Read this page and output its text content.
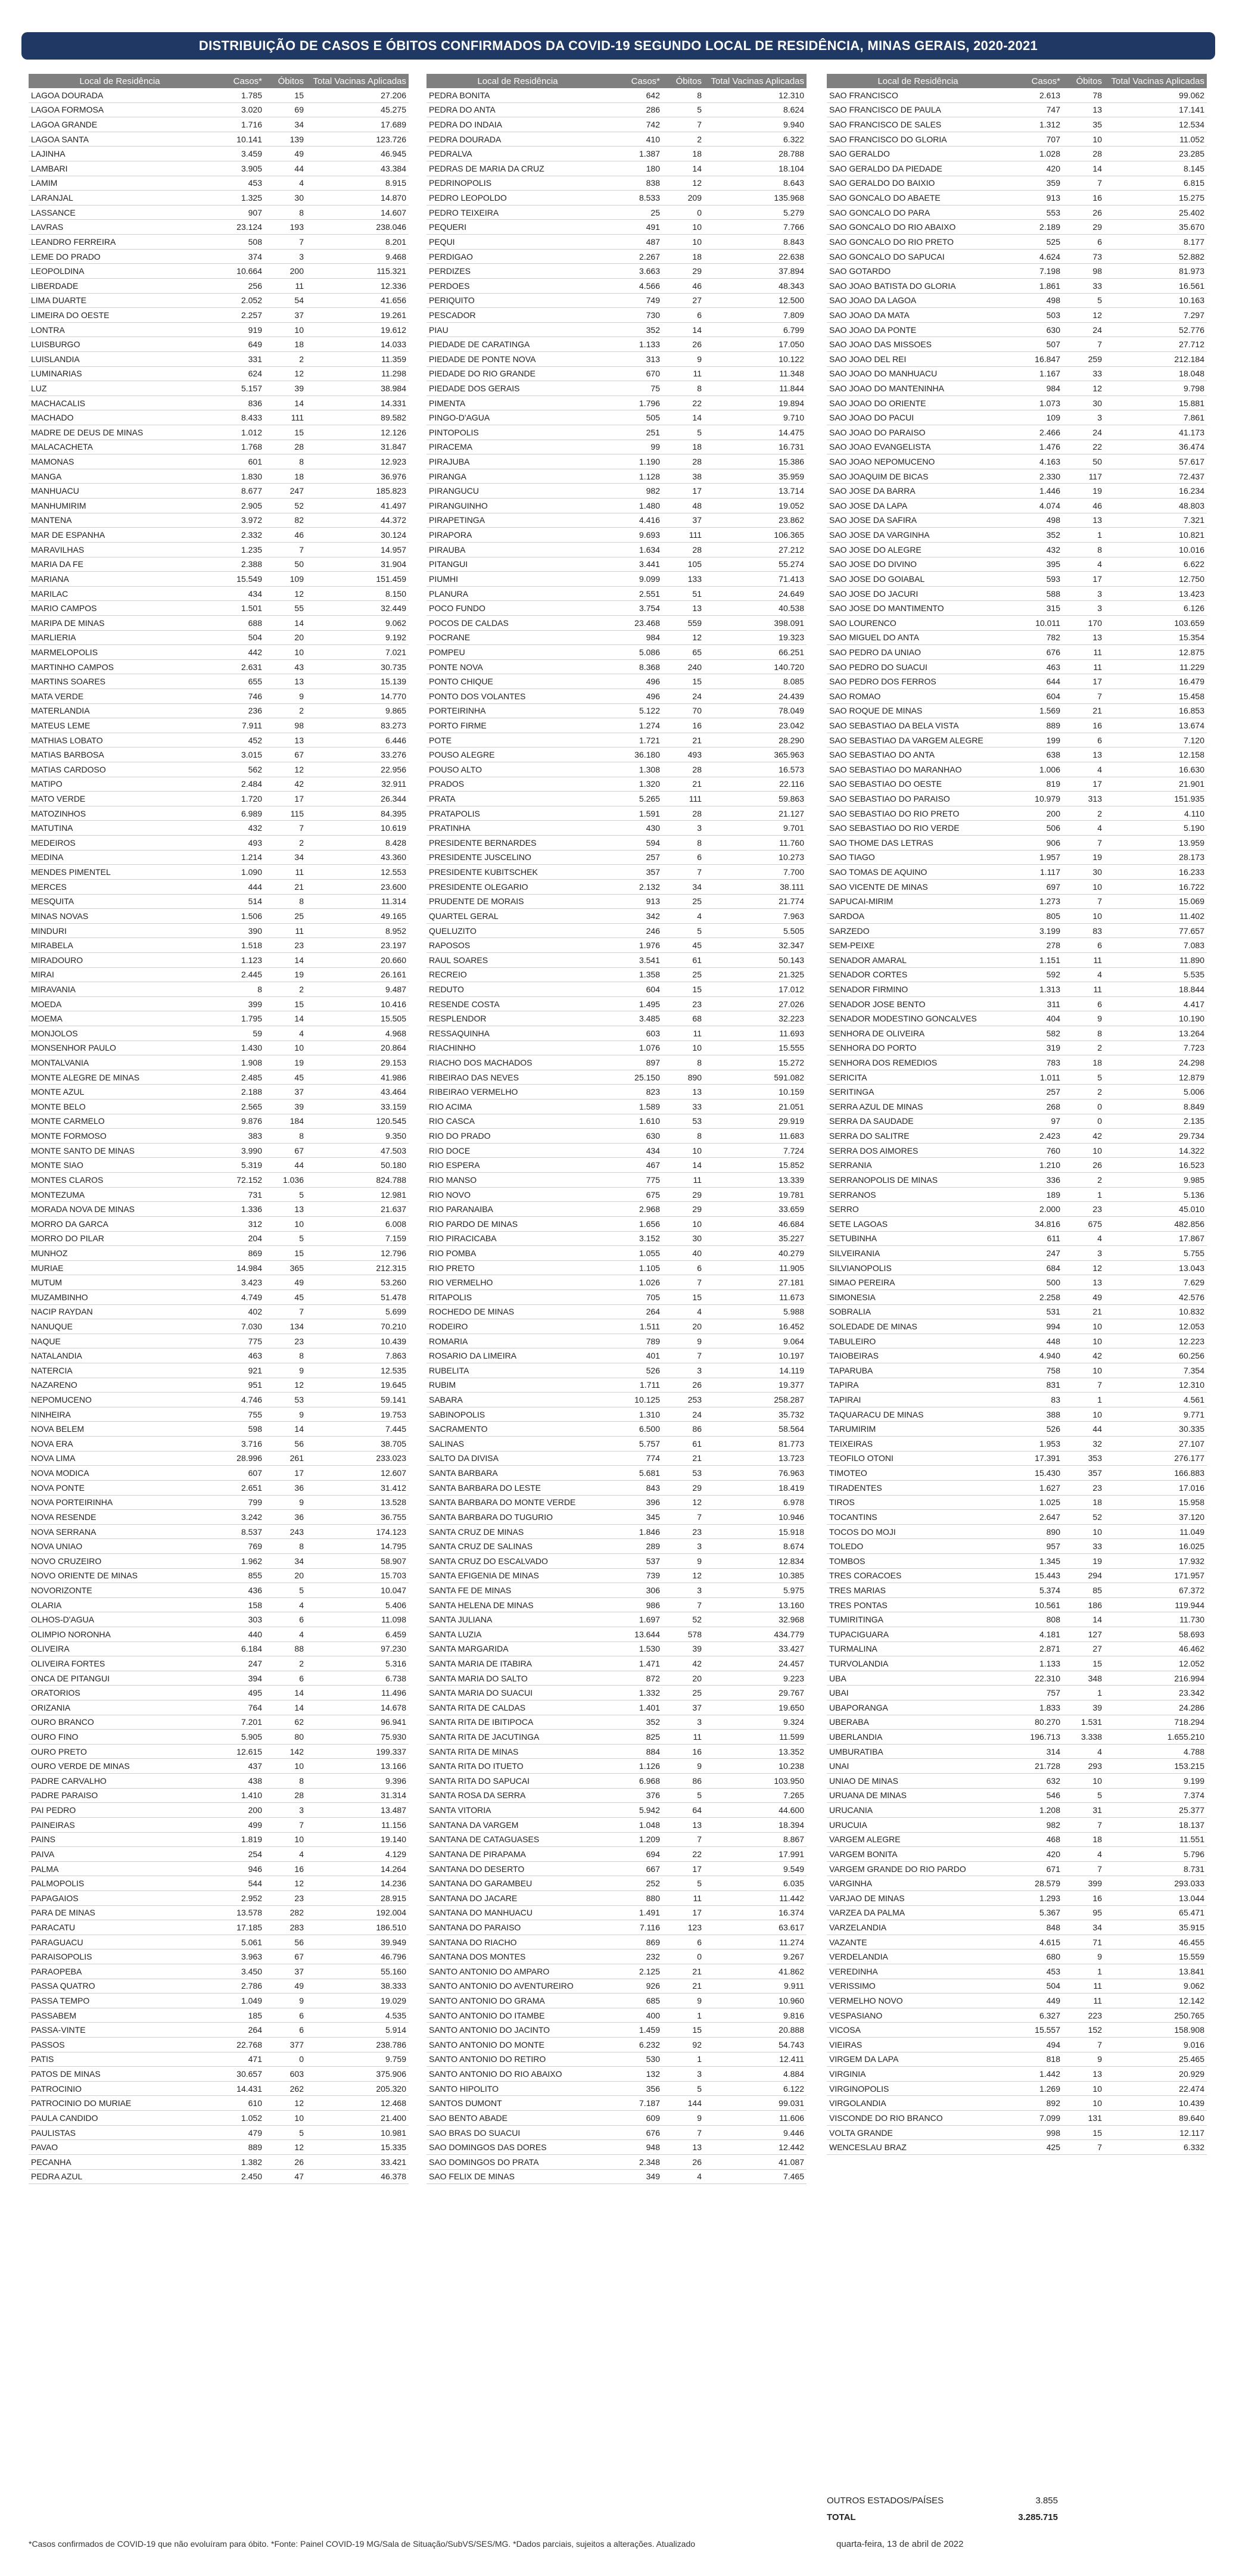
DISTRIBUIÇÃO DE CASOS E ÓBITOS CONFIRMADOS DA COVID-19 SEGUNDO LOCAL DE RESIDÊNCIA, MINAS GERAIS, 2020-2021
Local de Residência	Casos*	Óbitos	Total Vacinas Aplicadas
LAGOA DOURADA	1.785	15	27.206
LAGOA FORMOSA	3.020	69	45.275
LAGOA GRANDE	1.716	34	17.689
LAGOA SANTA	10.141	139	123.726
LAJINHA	3.459	49	46.945
LAMBARI	3.905	44	43.384
LAMIM	453	4	8.915
LARANJAL	1.325	30	14.870
LASSANCE	907	8	14.607
LAVRAS	23.124	193	238.046
LEANDRO FERREIRA	508	7	8.201
LEME DO PRADO	374	3	9.468
LEOPOLDINA	10.664	200	115.321
LIBERDADE	256	11	12.336
LIMA DUARTE	2.052	54	41.656
LIMEIRA DO OESTE	2.257	37	19.261
LONTRA	919	10	19.612
LUISBURGO	649	18	14.033
LUISLANDIA	331	2	11.359
LUMINARIAS	624	12	11.298
LUZ	5.157	39	38.984
MACHACALIS	836	14	14.331
MACHADO	8.433	111	89.582
MADRE DE DEUS DE MINAS	1.012	15	12.126
MALACACHETA	1.768	28	31.847
MAMONAS	601	8	12.923
MANGA	1.830	18	36.976
MANHUACU	8.677	247	185.823
MANHUMIRIM	2.905	52	41.497
MANTENA	3.972	82	44.372
MAR DE ESPANHA	2.332	46	30.124
MARAVILHAS	1.235	7	14.957
MARIA DA FE	2.388	50	31.904
MARIANA	15.549	109	151.459
MARILAC	434	12	8.150
MARIO CAMPOS	1.501	55	32.449
MARIPA DE MINAS	688	14	9.062
MARLIERIA	504	20	9.192
MARMELOPOLIS	442	10	7.021
MARTINHO CAMPOS	2.631	43	30.735
MARTINS SOARES	655	13	15.139
MATA VERDE	746	9	14.770
MATERLANDIA	236	2	9.865
MATEUS LEME	7.911	98	83.273
MATHIAS LOBATO	452	13	6.446
MATIAS BARBOSA	3.015	67	33.276
MATIAS CARDOSO	562	12	22.956
MATIPO	2.484	42	32.911
MATO VERDE	1.720	17	26.344
MATOZINHOS	6.989	115	84.395
MATUTINA	432	7	10.619
MEDEIROS	493	2	8.428
MEDINA	1.214	34	43.360
MENDES PIMENTEL	1.090	11	12.553
MERCES	444	21	23.600
MESQUITA	514	8	11.314
MINAS NOVAS	1.506	25	49.165
MINDURI	390	11	8.952
MIRABELA	1.518	23	23.197
MIRADOURO	1.123	14	20.660
MIRAI	2.445	19	26.161
MIRAVANIA	8	2	9.487
MOEDA	399	15	10.416
MOEMA	1.795	14	15.505
MONJOLOS	59	4	4.968
MONSENHOR PAULO	1.430	10	20.864
MONTALVANIA	1.908	19	29.153
MONTE ALEGRE DE MINAS	2.485	45	41.986
MONTE AZUL	2.188	37	43.464
MONTE BELO	2.565	39	33.159
MONTE CARMELO	9.876	184	120.545
MONTE FORMOSO	383	8	9.350
MONTE SANTO DE MINAS	3.990	67	47.503
MONTE SIAO	5.319	44	50.180
MONTES CLAROS	72.152	1.036	824.788
MONTEZUMA	731	5	12.981
MORADA NOVA DE MINAS	1.336	13	21.637
MORRO DA GARCA	312	10	6.008
MORRO DO PILAR	204	5	7.159
MUNHOZ	869	15	12.796
MURIAE	14.984	365	212.315
MUTUM	3.423	49	53.260
MUZAMBINHO	4.749	45	51.478
NACIP RAYDAN	402	7	5.699
NANUQUE	7.030	134	70.210
NAQUE	775	23	10.439
NATALANDIA	463	8	7.863
NATERCIA	921	9	12.535
NAZARENO	951	12	19.645
NEPOMUCENO	4.746	53	59.141
NINHEIRA	755	9	19.753
NOVA BELEM	598	14	7.445
NOVA ERA	3.716	56	38.705
NOVA LIMA	28.996	261	233.023
NOVA MODICA	607	17	12.607
NOVA PONTE	2.651	36	31.412
NOVA PORTEIRINHA	799	9	13.528
NOVA RESENDE	3.242	36	36.755
NOVA SERRANA	8.537	243	174.123
NOVA UNIAO	769	8	14.795
NOVO CRUZEIRO	1.962	34	58.907
NOVO ORIENTE DE MINAS	855	20	15.703
NOVORIZONTE	436	5	10.047
OLARIA	158	4	5.406
OLHOS-D'AGUA	303	6	11.098
OLIMPIO NORONHA	440	4	6.459
OLIVEIRA	6.184	88	97.230
OLIVEIRA FORTES	247	2	5.316
ONCA DE PITANGUI	394	6	6.738
ORATORIOS	495	14	11.496
ORIZANIA	764	14	14.678
OURO BRANCO	7.201	62	96.941
OURO FINO	5.905	80	75.930
OURO PRETO	12.615	142	199.337
OURO VERDE DE MINAS	437	10	13.166
PADRE CARVALHO	438	8	9.396
PADRE PARAISO	1.410	28	31.314
PAI PEDRO	200	3	13.487
PAINEIRAS	499	7	11.156
PAINS	1.819	10	19.140
PAIVA	254	4	4.129
PALMA	946	16	14.264
PALMOPOLIS	544	12	14.236
PAPAGAIOS	2.952	23	28.915
PARA DE MINAS	13.578	282	192.004
PARACATU	17.185	283	186.510
PARAGUACU	5.061	56	39.949
PARAISOPOLIS	3.963	67	46.796
PARAOPEBA	3.450	37	55.160
PASSA QUATRO	2.786	49	38.333
PASSA TEMPO	1.049	9	19.029
PASSABEM	185	6	4.535
PASSA-VINTE	264	6	5.914
PASSOS	22.768	377	238.786
PATIS	471	0	9.759
PATOS DE MINAS	30.657	603	375.906
PATROCINIO	14.431	262	205.320
PATROCINIO DO MURIAE	610	12	12.468
PAULA CANDIDO	1.052	10	21.400
PAULISTAS	479	5	10.981
PAVAO	889	12	15.335
PECANHA	1.382	26	33.421
PEDRA AZUL	2.450	47	46.378
Local de Residência	Casos*	Óbitos	Total Vacinas Aplicadas
PEDRA BONITA	642	8	12.310
PEDRA DO ANTA	286	5	8.624
PEDRA DO INDAIA	742	7	9.940
PEDRA DOURADA	410	2	6.322
PEDRALVA	1.387	18	28.788
PEDRAS DE MARIA DA CRUZ	180	14	18.104
PEDRINOPOLIS	838	12	8.643
PEDRO LEOPOLDO	8.533	209	135.968
PEDRO TEIXEIRA	25	0	5.279
PEQUERI	491	10	7.766
PEQUI	487	10	8.843
PERDIGAO	2.267	18	22.638
PERDIZES	3.663	29	37.894
PERDOES	4.566	46	48.343
PERIQUITO	749	27	12.500
PESCADOR	730	6	7.809
PIAU	352	14	6.799
PIEDADE DE CARATINGA	1.133	26	17.050
PIEDADE DE PONTE NOVA	313	9	10.122
PIEDADE DO RIO GRANDE	670	11	11.348
PIEDADE DOS GERAIS	75	8	11.844
PIMENTA	1.796	22	19.894
PINGO-D'AGUA	505	14	9.710
PINTOPOLIS	251	5	14.475
PIRACEMA	99	18	16.731
PIRAJUBA	1.190	28	15.386
PIRANGA	1.128	38	35.959
PIRANGUCU	982	17	13.714
PIRANGUINHO	1.480	48	19.052
PIRAPETINGA	4.416	37	23.862
PIRAPORA	9.693	111	106.365
PIRAUBA	1.634	28	27.212
PITANGUI	3.441	105	55.274
PIUMHI	9.099	133	71.413
PLANURA	2.551	51	24.649
POCO FUNDO	3.754	13	40.538
POCOS DE CALDAS	23.468	559	398.091
POCRANE	984	12	19.323
POMPEU	5.086	65	66.251
PONTE NOVA	8.368	240	140.720
PONTO CHIQUE	496	15	8.085
PONTO DOS VOLANTES	496	24	24.439
PORTEIRINHA	5.122	70	78.049
PORTO FIRME	1.274	16	23.042
POTE	1.721	21	28.290
POUSO ALEGRE	36.180	493	365.963
POUSO ALTO	1.308	28	16.573
PRADOS	1.320	21	22.116
PRATA	5.265	111	59.863
PRATAPOLIS	1.591	28	21.127
PRATINHA	430	3	9.701
PRESIDENTE BERNARDES	594	8	11.760
PRESIDENTE JUSCELINO	257	6	10.273
PRESIDENTE KUBITSCHEK	357	7	7.700
PRESIDENTE OLEGARIO	2.132	34	38.111
PRUDENTE DE MORAIS	913	25	21.774
QUARTEL GERAL	342	4	7.963
QUELUZITO	246	5	5.505
RAPOSOS	1.976	45	32.347
RAUL SOARES	3.541	61	50.143
RECREIO	1.358	25	21.325
REDUTO	604	15	17.012
RESENDE COSTA	1.495	23	27.026
RESPLENDOR	3.485	68	32.223
RESSAQUINHA	603	11	11.693
RIACHINHO	1.076	10	15.555
RIACHO DOS MACHADOS	897	8	15.272
RIBEIRAO DAS NEVES	25.150	890	591.082
RIBEIRAO VERMELHO	823	13	10.159
RIO ACIMA	1.589	33	21.051
RIO CASCA	1.610	53	29.919
RIO DO PRADO	630	8	11.683
RIO DOCE	434	10	7.724
RIO ESPERA	467	14	15.852
RIO MANSO	775	11	13.339
RIO NOVO	675	29	19.781
RIO PARANAIBA	2.968	29	33.659
RIO PARDO DE MINAS	1.656	10	46.684
RIO PIRACICABA	3.152	30	35.227
RIO POMBA	1.055	40	40.279
RIO PRETO	1.105	6	11.905
RIO VERMELHO	1.026	7	27.181
RITAPOLIS	705	15	11.673
ROCHEDO DE MINAS	264	4	5.988
RODEIRO	1.511	20	16.452
ROMARIA	789	9	9.064
ROSARIO DA LIMEIRA	401	7	10.197
RUBELITA	526	3	14.119
RUBIM	1.711	26	19.377
SABARA	10.125	253	258.287
SABINOPOLIS	1.310	24	35.732
SACRAMENTO	6.500	86	58.564
SALINAS	5.757	61	81.773
SALTO DA DIVISA	774	21	13.723
SANTA BARBARA	5.681	53	76.963
SANTA BARBARA DO LESTE	843	29	18.419
SANTA BARBARA DO MONTE VERDE	396	12	6.978
SANTA BARBARA DO TUGURIO	345	7	10.946
SANTA CRUZ DE MINAS	1.846	23	15.918
SANTA CRUZ DE SALINAS	289	3	8.674
SANTA CRUZ DO ESCALVADO	537	9	12.834
SANTA EFIGENIA DE MINAS	739	12	10.385
SANTA FE DE MINAS	306	3	5.975
SANTA HELENA DE MINAS	986	7	13.160
SANTA JULIANA	1.697	52	32.968
SANTA LUZIA	13.644	578	434.779
SANTA MARGARIDA	1.530	39	33.427
SANTA MARIA DE ITABIRA	1.471	42	24.457
SANTA MARIA DO SALTO	872	20	9.223
SANTA MARIA DO SUACUI	1.332	25	29.767
SANTA RITA DE CALDAS	1.401	37	19.650
SANTA RITA DE IBITIPOCA	352	3	9.324
SANTA RITA DE JACUTINGA	825	11	11.599
SANTA RITA DE MINAS	884	16	13.352
SANTA RITA DO ITUETO	1.126	9	10.238
SANTA RITA DO SAPUCAI	6.968	86	103.950
SANTA ROSA DA SERRA	376	5	7.265
SANTA VITORIA	5.942	64	44.600
SANTANA DA VARGEM	1.048	13	18.394
SANTANA DE CATAGUASES	1.209	7	8.867
SANTANA DE PIRAPAMA	694	22	17.991
SANTANA DO DESERTO	667	17	9.549
SANTANA DO GARAMBEU	252	5	6.035
SANTANA DO JACARE	880	11	11.442
SANTANA DO MANHUACU	1.491	17	16.374
SANTANA DO PARAISO	7.116	123	63.617
SANTANA DO RIACHO	869	6	11.274
SANTANA DOS MONTES	232	0	9.267
SANTO ANTONIO DO AMPARO	2.125	21	41.862
SANTO ANTONIO DO AVENTUREIRO	926	21	9.911
SANTO ANTONIO DO GRAMA	685	9	10.960
SANTO ANTONIO DO ITAMBE	400	1	9.816
SANTO ANTONIO DO JACINTO	1.459	15	20.888
SANTO ANTONIO DO MONTE	6.232	92	54.743
SANTO ANTONIO DO RETIRO	530	1	12.411
SANTO ANTONIO DO RIO ABAIXO	132	3	4.884
SANTO HIPOLITO	356	5	6.122
SANTOS DUMONT	7.187	144	99.031
SAO BENTO ABADE	609	9	11.606
SAO BRAS DO SUACUI	676	7	9.446
SAO DOMINGOS DAS DORES	948	13	12.442
SAO DOMINGOS DO PRATA	2.348	26	41.087
SAO FELIX DE MINAS	349	4	7.465
Local de Residência	Casos*	Óbitos	Total Vacinas Aplicadas
SAO FRANCISCO	2.613	78	99.062
SAO FRANCISCO DE PAULA	747	13	17.141
SAO FRANCISCO DE SALES	1.312	35	12.534
SAO FRANCISCO DO GLORIA	707	10	11.052
SAO GERALDO	1.028	28	23.285
SAO GERALDO DA PIEDADE	420	14	8.145
SAO GERALDO DO BAIXIO	359	7	6.815
SAO GONCALO DO ABAETE	913	16	15.275
SAO GONCALO DO PARA	553	26	25.402
SAO GONCALO DO RIO ABAIXO	2.189	29	35.670
SAO GONCALO DO RIO PRETO	525	6	8.177
SAO GONCALO DO SAPUCAI	4.624	73	52.882
SAO GOTARDO	7.198	98	81.973
SAO JOAO BATISTA DO GLORIA	1.861	33	16.561
SAO JOAO DA LAGOA	498	5	10.163
SAO JOAO DA MATA	503	12	7.297
SAO JOAO DA PONTE	630	24	52.776
SAO JOAO DAS MISSOES	507	7	27.712
SAO JOAO DEL REI	16.847	259	212.184
SAO JOAO DO MANHUACU	1.167	33	18.048
SAO JOAO DO MANTENINHA	984	12	9.798
SAO JOAO DO ORIENTE	1.073	30	15.881
SAO JOAO DO PACUI	109	3	7.861
SAO JOAO DO PARAISO	2.466	24	41.173
SAO JOAO EVANGELISTA	1.476	22	36.474
SAO JOAO NEPOMUCENO	4.163	50	57.617
SAO JOAQUIM DE BICAS	2.330	117	72.437
SAO JOSE DA BARRA	1.446	19	16.234
SAO JOSE DA LAPA	4.074	46	48.803
SAO JOSE DA SAFIRA	498	13	7.321
SAO JOSE DA VARGINHA	352	1	10.821
SAO JOSE DO ALEGRE	432	8	10.016
SAO JOSE DO DIVINO	395	4	6.622
SAO JOSE DO GOIABAL	593	17	12.750
SAO JOSE DO JACURI	588	3	13.423
SAO JOSE DO MANTIMENTO	315	3	6.126
SAO LOURENCO	10.011	170	103.659
SAO MIGUEL DO ANTA	782	13	15.354
SAO PEDRO DA UNIAO	676	11	12.875
SAO PEDRO DO SUACUI	463	11	11.229
SAO PEDRO DOS FERROS	644	17	16.479
SAO ROMAO	604	7	15.458
SAO ROQUE DE MINAS	1.569	21	16.853
SAO SEBASTIAO DA BELA VISTA	889	16	13.674
SAO SEBASTIAO DA VARGEM ALEGRE	199	6	7.120
SAO SEBASTIAO DO ANTA	638	13	12.158
SAO SEBASTIAO DO MARANHAO	1.006	4	16.630
SAO SEBASTIAO DO OESTE	819	17	21.901
SAO SEBASTIAO DO PARAISO	10.979	313	151.935
SAO SEBASTIAO DO RIO PRETO	200	2	4.110
SAO SEBASTIAO DO RIO VERDE	506	4	5.190
SAO THOME DAS LETRAS	906	7	13.959
SAO TIAGO	1.957	19	28.173
SAO TOMAS DE AQUINO	1.117	30	16.233
SAO VICENTE DE MINAS	697	10	16.722
SAPUCAI-MIRIM	1.273	7	15.069
SARDOA	805	10	11.402
SARZEDO	3.199	83	77.657
SEM-PEIXE	278	6	7.083
SENADOR AMARAL	1.151	11	11.890
SENADOR CORTES	592	4	5.535
SENADOR FIRMINO	1.313	11	18.844
SENADOR JOSE BENTO	311	6	4.417
SENADOR MODESTINO GONCALVES	404	9	10.190
SENHORA DE OLIVEIRA	582	8	13.264
SENHORA DO PORTO	319	2	7.723
SENHORA DOS REMEDIOS	783	18	24.298
SERICITA	1.011	5	12.879
SERITINGA	257	2	5.006
SERRA AZUL DE MINAS	268	0	8.849
SERRA DA SAUDADE	97	0	2.135
SERRA DO SALITRE	2.423	42	29.734
SERRA DOS AIMORES	760	10	14.322
SERRANIA	1.210	26	16.523
SERRANOPOLIS DE MINAS	336	2	9.985
SERRANOS	189	1	5.136
SERRO	2.000	23	45.010
SETE LAGOAS	34.816	675	482.856
SETUBINHA	611	4	17.867
SILVEIRANIA	247	3	5.755
SILVIANOPOLIS	684	12	13.043
SIMAO PEREIRA	500	13	7.629
SIMONESIA	2.258	49	42.576
SOBRALIA	531	21	10.832
SOLEDADE DE MINAS	994	10	12.053
TABULEIRO	448	10	12.223
TAIOBEIRAS	4.940	42	60.256
TAPARUBA	758	10	7.354
TAPIRA	831	7	12.310
TAPIRAI	83	1	4.561
TAQUARACU DE MINAS	388	10	9.771
TARUMIRIM	526	44	30.335
TEIXEIRAS	1.953	32	27.107
TEOFILO OTONI	17.391	353	276.177
TIMOTEO	15.430	357	166.883
TIRADENTES	1.627	23	17.016
TIROS	1.025	18	15.958
TOCANTINS	2.647	52	37.120
TOCOS DO MOJI	890	10	11.049
TOLEDO	957	33	16.025
TOMBOS	1.345	19	17.932
TRES CORACOES	15.443	294	171.957
TRES MARIAS	5.374	85	67.372
TRES PONTAS	10.561	186	119.944
TUMIRITINGA	808	14	11.730
TUPACIGUARA	4.181	127	58.693
TURMALINA	2.871	27	46.462
TURVOLANDIA	1.133	15	12.052
UBA	22.310	348	216.994
UBAI	757	1	23.342
UBAPORANGA	1.833	39	24.286
UBERABA	80.270	1.531	718.294
UBERLANDIA	196.713	3.338	1.655.210
UMBURATIBA	314	4	4.788
UNAI	21.728	293	153.215
UNIAO DE MINAS	632	10	9.199
URUANA DE MINAS	546	5	7.374
URUCANIA	1.208	31	25.377
URUCUIA	982	7	18.137
VARGEM ALEGRE	468	18	11.551
VARGEM BONITA	420	4	5.796
VARGEM GRANDE DO RIO PARDO	671	7	8.731
VARGINHA	28.579	399	293.033
VARJAO DE MINAS	1.293	16	13.044
VARZEA DA PALMA	5.367	95	65.471
VARZELANDIA	848	34	35.915
VAZANTE	4.615	71	46.455
VERDELANDIA	680	9	15.559
VEREDINHA	453	1	13.841
VERISSIMO	504	11	9.062
VERMELHO NOVO	449	11	12.142
VESPASIANO	6.327	223	250.765
VICOSA	15.557	152	158.908
VIEIRAS	494	7	9.016
VIRGEM DA LAPA	818	9	25.465
VIRGINIA	1.442	13	20.929
VIRGINOPOLIS	1.269	10	22.474
VIRGOLANDIA	892	10	10.439
VISCONDE DO RIO BRANCO	7.099	131	89.640
VOLTA GRANDE	998	15	12.117
WENCESLAU BRAZ	425	7	6.332
OUTROS ESTADOS/PAÍSES	3.855
TOTAL	3.285.715
*Casos confirmados de COVID-19 que não evoluíram para óbito. *Fonte: Painel COVID-19 MG/Sala de Situação/SubVS/SES/MG. *Dados parciais, sujeitos a alterações. Atualizado	quarta-feira, 13 de abril de 2022
